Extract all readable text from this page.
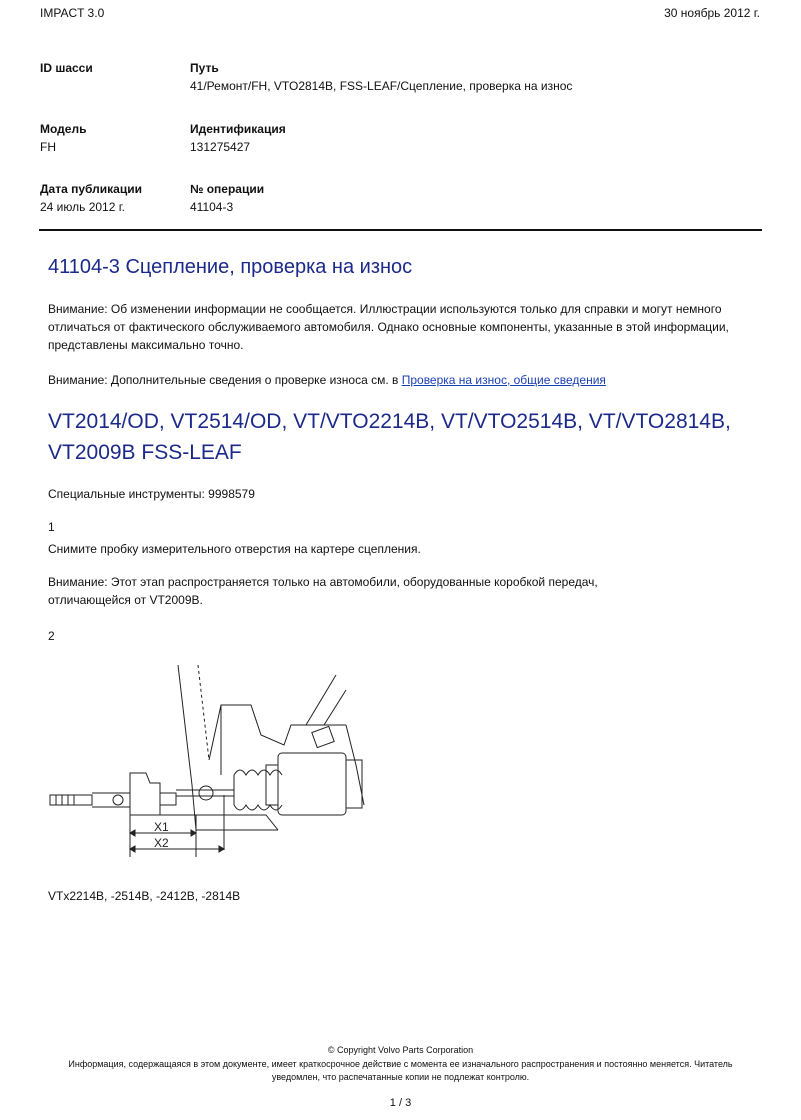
IMPACT 3.0	30 ноябрь 2012 г.
ID шасси	Путь
41/Ремонт/FH, VTO2814B, FSS-LEAF/Сцепление, проверка на износ
Модель
FH
Идентификация
131275427
Дата публикации
24 июль 2012 г.
№ операции
41104-3
41104-3 Сцепление, проверка на износ
Внимание: Об изменении информации не сообщается. Иллюстрации используются только для справки и могут немного отличаться от фактического обслуживаемого автомобиля. Однако основные компоненты, указанные в этой информации, представлены максимально точно.
Внимание: Дополнительные сведения о проверке износа см. в Проверка на износ, общие сведения
VT2014/OD, VT2514/OD, VT/VTO2214B, VT/VTO2514B, VT/VTO2814B,
VT2009B FSS-LEAF
Специальные инструменты: 9998579
1
Снимите пробку измерительного отверстия на картере сцепления.
Внимание: Этот этап распространяется только на автомобили, оборудованные коробкой передач,
отличающейся от VT2009B.
2
X1
X2
VTx2214B, -2514B, -2412B, -2814B
© Copyright Volvo Parts Corporation
Информация, содержащаяся в этом документе, имеет краткосрочное действие с момента ее изначального распространения и постоянно меняется. Читатель
уведомлен, что распечатанные копии не подлежат контролю.
1 / 3
